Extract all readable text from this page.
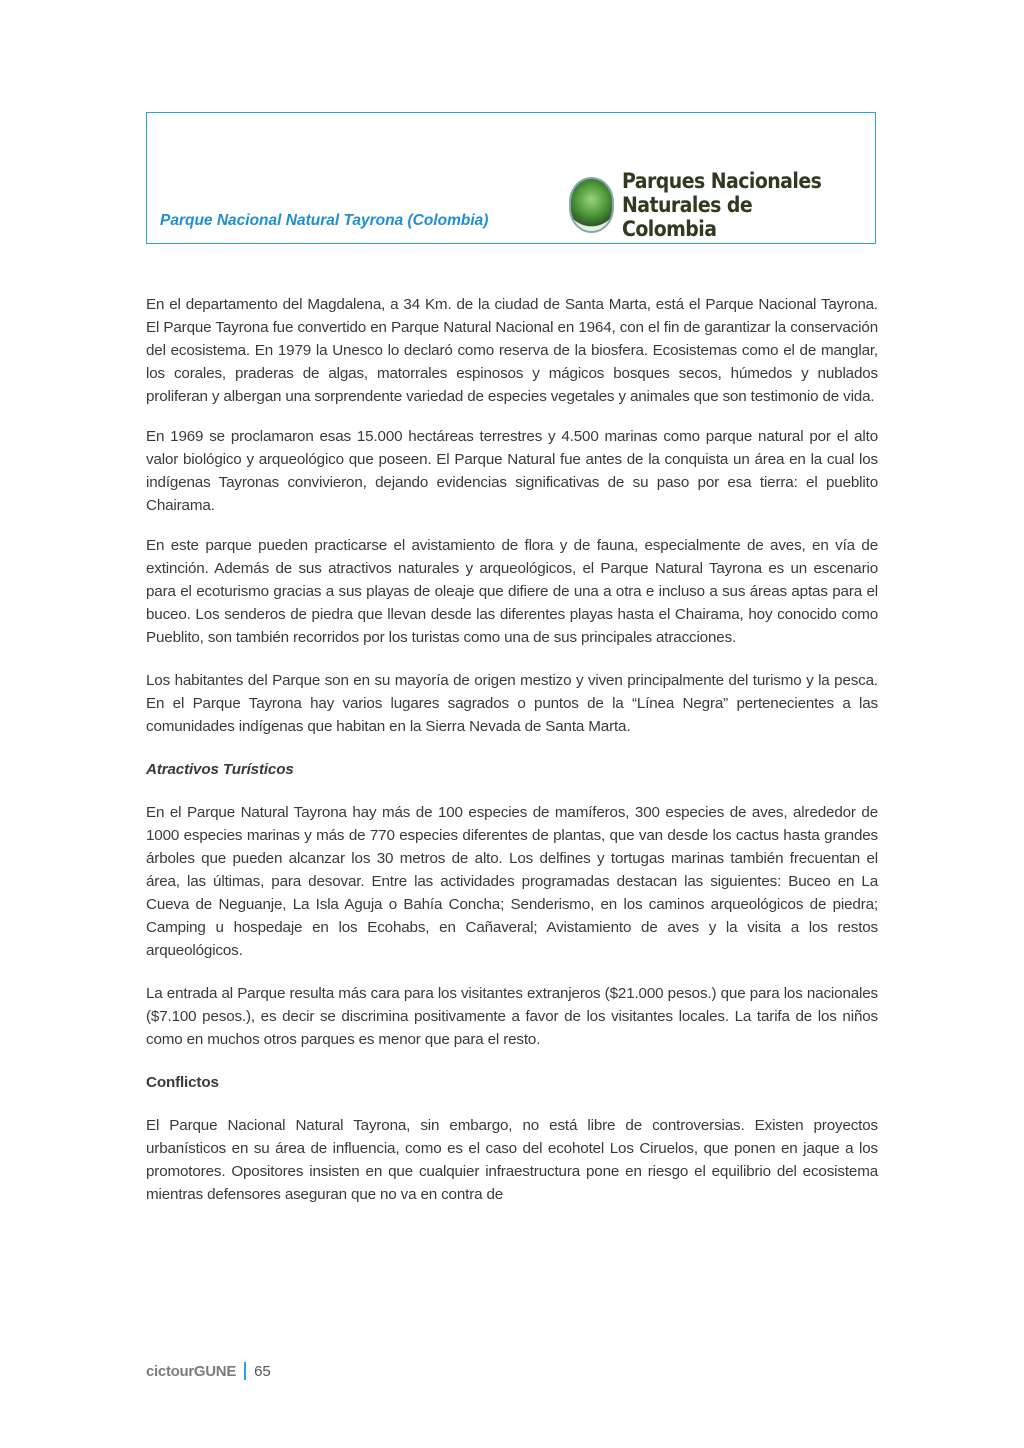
Parque Nacional Natural Tayrona (Colombia)
Parques Nacionales
Naturales de Colombia

En el departamento del Magdalena, a 34 Km. de la ciudad de Santa Marta, está el Parque Nacional Tayrona. El Parque Tayrona fue convertido en Parque Natural Nacional en 1964, con el fin de garantizar la conservación del ecosistema. En 1979 la Unesco lo declaró como reserva de la biosfera. Ecosistemas como el de manglar, los corales, praderas de algas, matorrales espinosos y mágicos bosques secos, húmedos y nublados proliferan y albergan una sorprendente variedad de especies vegetales y animales que son testimonio de vida.

En 1969 se proclamaron esas 15.000 hectáreas terrestres y 4.500 marinas como parque natural por el alto valor biológico y arqueológico que poseen. El Parque Natural fue antes de la conquista un área en la cual los indígenas Tayronas convivieron, dejando evidencias significativas de su paso por esa tierra: el pueblito Chairama.

En este parque pueden practicarse el avistamiento de flora y de fauna, especialmente de aves, en vía de extinción. Además de sus atractivos naturales y arqueológicos, el Parque Natural Tayrona es un escenario para el ecoturismo gracias a sus playas de oleaje que difiere de una a otra e incluso a sus áreas aptas para el buceo. Los senderos de piedra que llevan desde las diferentes playas hasta el Chairama, hoy conocido como Pueblito, son también recorridos por los turistas como una de sus principales atracciones.

Los habitantes del Parque son en su mayoría de origen mestizo y viven principalmente del turismo y la pesca. En el Parque Tayrona hay varios lugares sagrados o puntos de la “Línea Negra” pertenecientes a las comunidades indígenas que habitan en la Sierra Nevada de Santa Marta.

Atractivos Turísticos

En el Parque Natural Tayrona hay más de 100 especies de mamíferos, 300 especies de aves, alrededor de 1000 especies marinas y más de 770 especies diferentes de plantas, que van desde los cactus hasta grandes árboles que pueden alcanzar los 30 metros de alto. Los delfines y tortugas marinas también frecuentan el área, las últimas, para desovar. Entre las actividades programadas destacan las siguientes: Buceo en La Cueva de Neguanje, La Isla Aguja o Bahía Concha; Senderismo, en los caminos arqueológicos de piedra; Camping u hospedaje en los Ecohabs, en Cañaveral; Avistamiento de aves y la visita a los restos arqueológicos.

La entrada al Parque resulta más cara para los visitantes extranjeros ($21.000 pesos.) que para los nacionales ($7.100 pesos.), es decir se discrimina positivamente a favor de los visitantes locales. La tarifa de los niños como en muchos otros parques es menor que para el resto.

Conflictos

El Parque Nacional Natural Tayrona, sin embargo, no está libre de controversias. Existen proyectos urbanísticos en su área de influencia, como es el caso del ecohotel Los Ciruelos, que ponen en jaque a los promotores. Opositores insisten en que cualquier infraestructura pone en riesgo el equilibrio del ecosistema mientras defensores aseguran que no va en contra de

cictourGUNE 65
